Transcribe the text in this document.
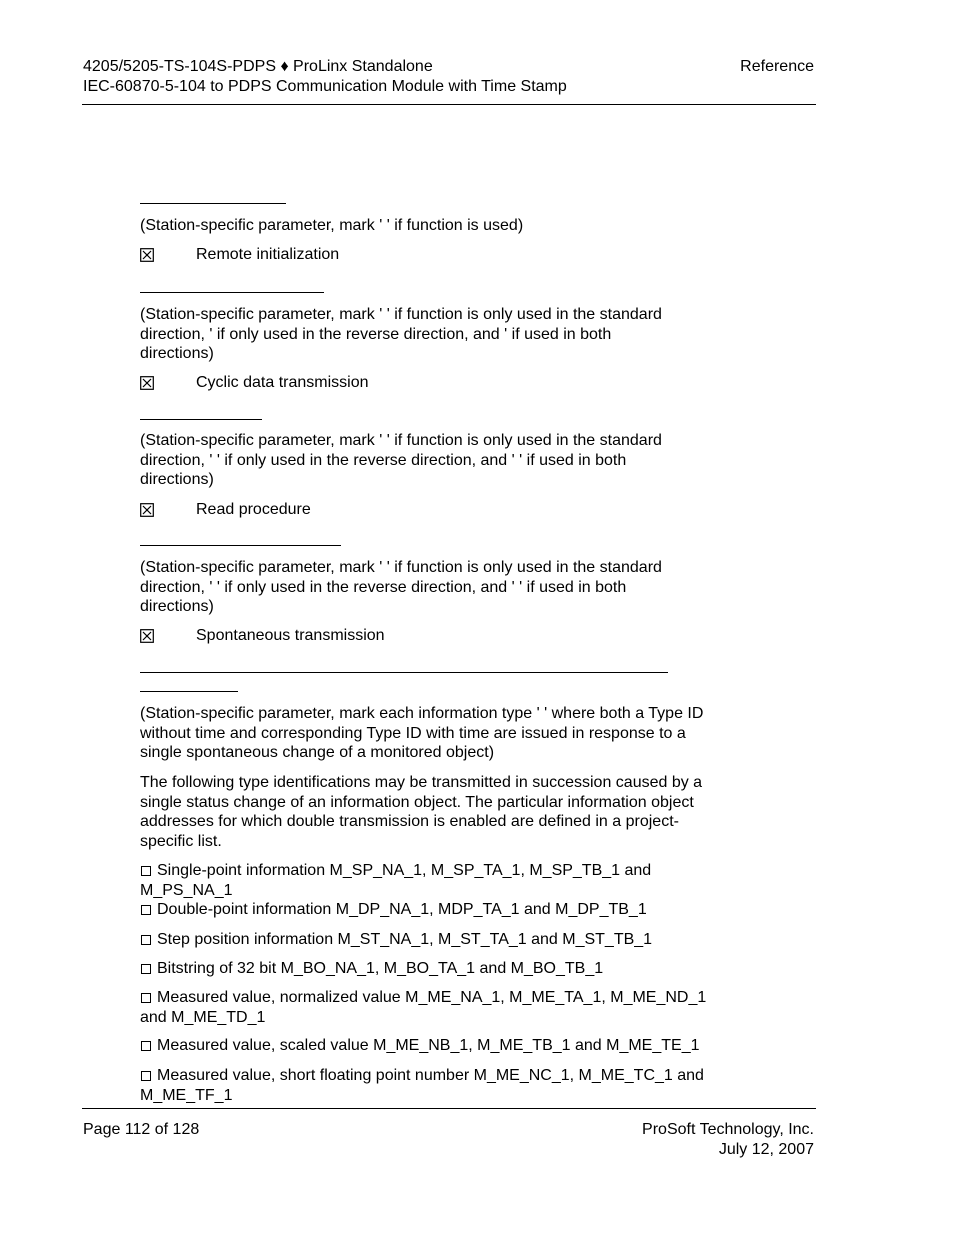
4205/5205-TS-104S-PDPS ♦ ProLinx Standalone
IEC-60870-5-104 to PDPS Communication Module with Time Stamp
Reference
(Station-specific parameter, mark ' ' if function is used)
Remote initialization
(Station-specific parameter, mark ' ' if function is only used in the standard
direction, ' if only used in the reverse direction, and ' if used in both
directions)
Cyclic data transmission
(Station-specific parameter, mark ' ' if function is only used in the standard
direction, ' ' if only used in the reverse direction, and ' ' if used in both
directions)
Read procedure
(Station-specific parameter, mark ' ' if function is only used in the standard
direction, ' ' if only used in the reverse direction, and ' ' if used in both
directions)
Spontaneous transmission
(Station-specific parameter, mark each information type ' ' where both a Type ID
without time and corresponding Type ID with time are issued in response to a
single spontaneous change of a monitored object)
The following type identifications may be transmitted in succession caused by a
single status change of an information object. The particular information object
addresses for which double transmission is enabled are defined in a project-
specific list.
Single-point information M_SP_NA_1, M_SP_TA_1, M_SP_TB_1 and
M_PS_NA_1
Double-point information M_DP_NA_1, MDP_TA_1 and M_DP_TB_1
Step position information M_ST_NA_1, M_ST_TA_1 and M_ST_TB_1
Bitstring of 32 bit M_BO_NA_1, M_BO_TA_1 and M_BO_TB_1
Measured value, normalized value M_ME_NA_1, M_ME_TA_1, M_ME_ND_1
and M_ME_TD_1
Measured value, scaled value M_ME_NB_1, M_ME_TB_1 and M_ME_TE_1
Measured value, short floating point number M_ME_NC_1, M_ME_TC_1 and
M_ME_TF_1
Page 112 of 128	ProSoft Technology, Inc.
July 12, 2007
